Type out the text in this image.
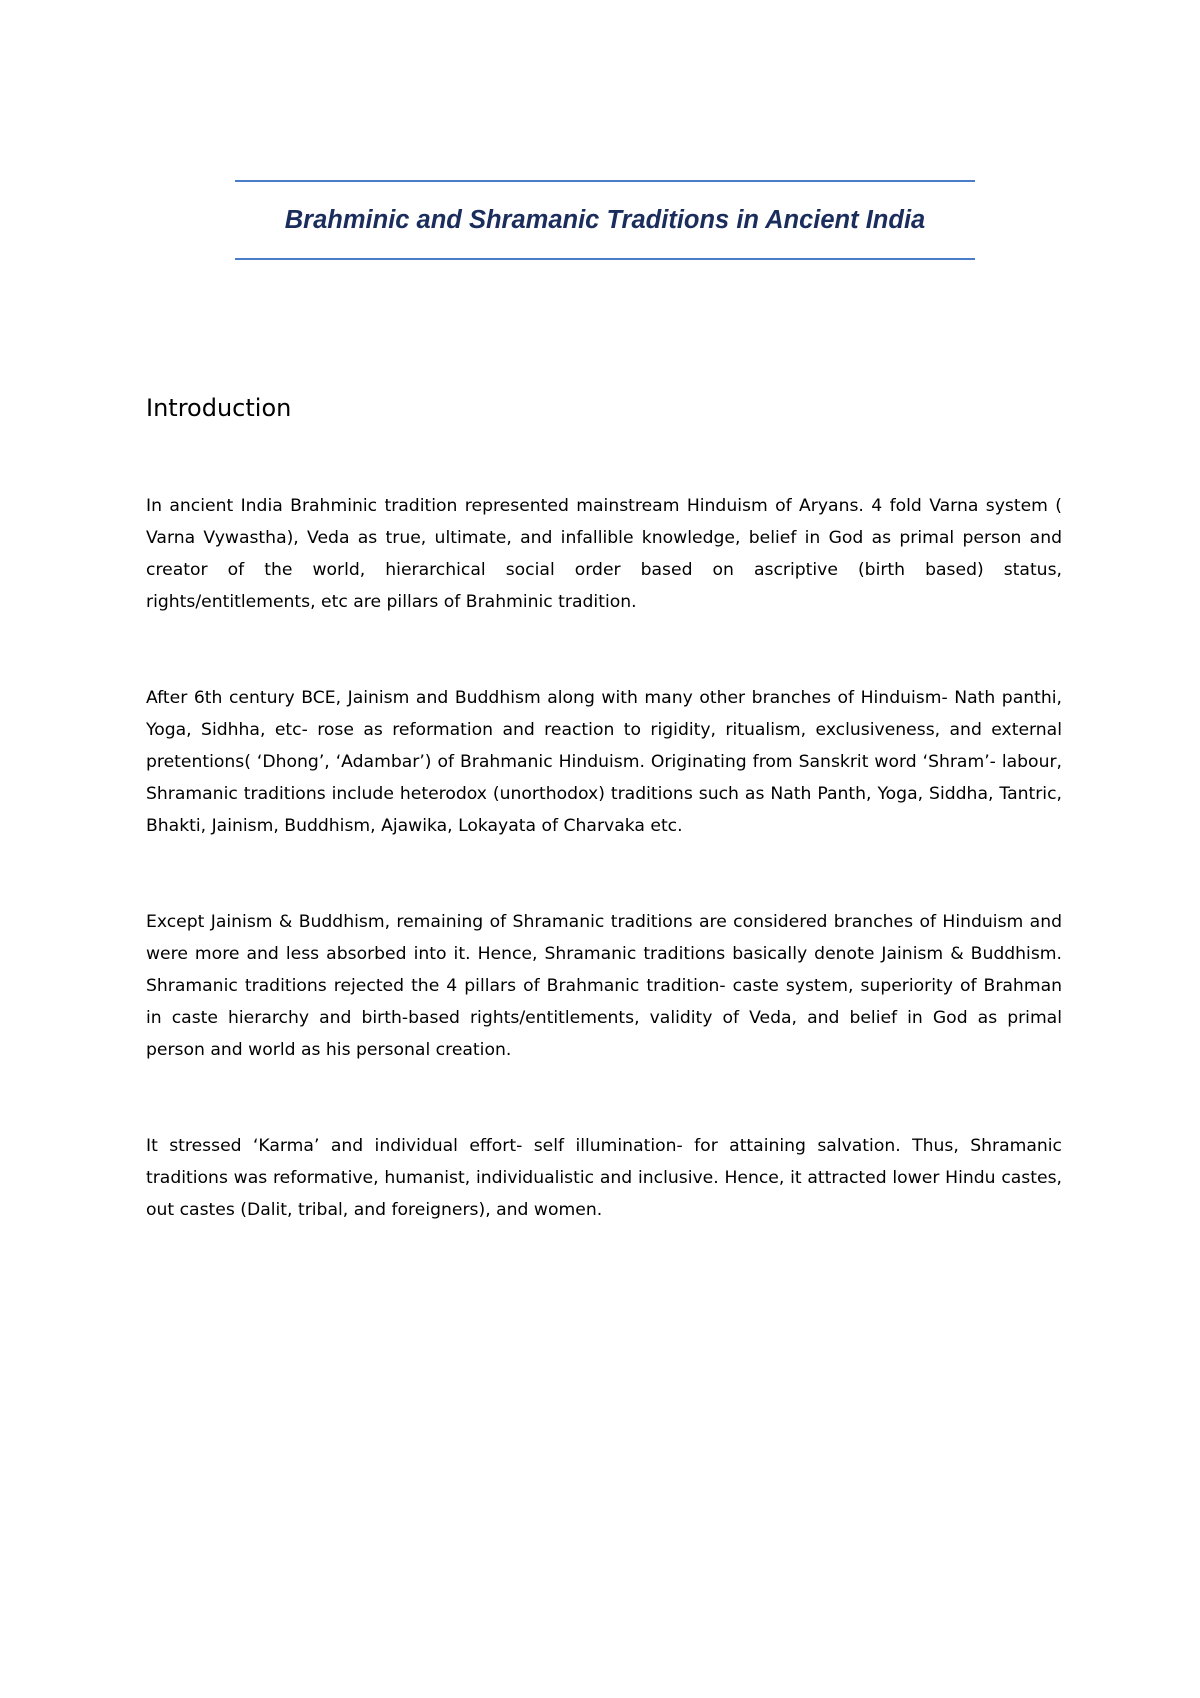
Brahminic and Shramanic Traditions in Ancient India
Introduction

In ancient India Brahminic tradition represented mainstream Hinduism of Aryans. 4 fold Varna system ( Varna Vywastha), Veda as true, ultimate, and infallible knowledge, belief in God as primal person and creator of the world, hierarchical social order based on ascriptive (birth based) status, rights/entitlements, etc are pillars of Brahminic tradition.

After 6th century BCE, Jainism and Buddhism along with many other branches of Hinduism- Nath panthi, Yoga, Sidhha, etc- rose as reformation and reaction to rigidity, ritualism, exclusiveness, and external pretentions( ‘Dhong’, ‘Adambar’) of Brahmanic Hinduism. Originating from Sanskrit word ‘Shram’- labour, Shramanic traditions include heterodox (unorthodox) traditions such as Nath Panth, Yoga, Siddha, Tantric, Bhakti, Jainism, Buddhism, Ajawika, Lokayata of Charvaka etc.

Except Jainism & Buddhism, remaining of Shramanic traditions are considered branches of Hinduism and were more and less absorbed into it. Hence, Shramanic traditions basically denote Jainism & Buddhism. Shramanic traditions rejected the 4 pillars of Brahmanic tradition- caste system, superiority of Brahman in caste hierarchy and birth-based rights/entitlements, validity of Veda, and belief in God as primal person and world as his personal creation.

It stressed ‘Karma’ and individual effort- self illumination- for attaining salvation. Thus, Shramanic traditions was reformative, humanist, individualistic and inclusive. Hence, it attracted lower Hindu castes, out castes (Dalit, tribal, and foreigners), and women.
